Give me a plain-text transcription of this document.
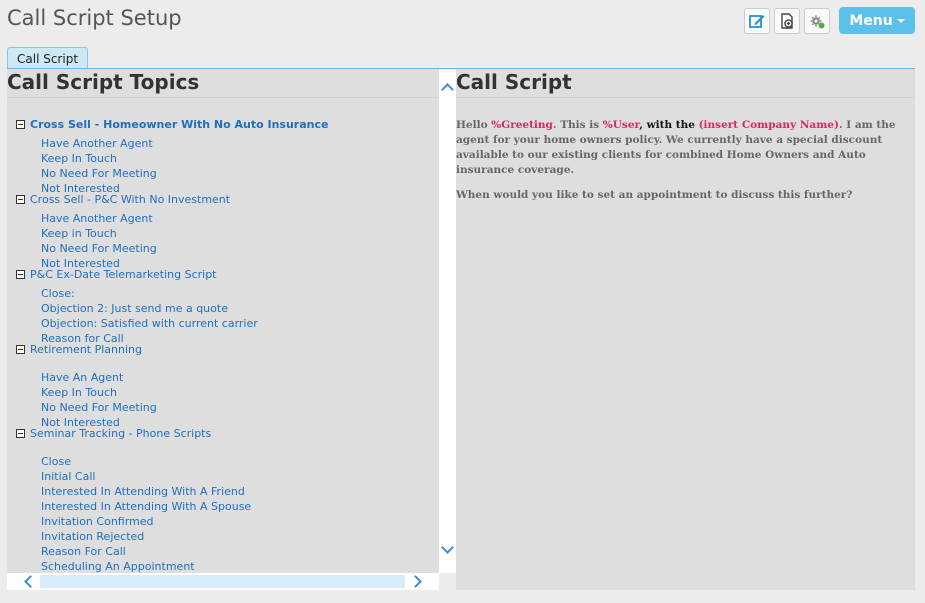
Call Script Setup	Menu
Call Script
Call Script Topics
Cross Sell - Homeowner With No Auto Insurance
Have Another Agent
Keep In Touch
No Need For Meeting
Not Interested
Cross Sell - P&C With No Investment
Have Another Agent
Keep in Touch
No Need For Meeting
Not Interested
P&C Ex-Date Telemarketing Script
Close:
Objection 2: Just send me a quote
Objection: Satisfied with current carrier
Reason for Call
Retirement Planning
Have An Agent
Keep In Touch
No Need For Meeting
Not Interested
Seminar Tracking - Phone Scripts
Close
Initial Call
Interested In Attending With A Friend
Interested In Attending With A Spouse
Invitation Confirmed
Invitation Rejected
Reason For Call
Scheduling An Appointment
Call Script

Hello %Greeting. This is %User, with the (insert Company Name). I am the agent for your home owners policy. We currently have a special discount available to our existing clients for combined Home Owners and Auto insurance coverage.

When would you like to set an appointment to discuss this further?
